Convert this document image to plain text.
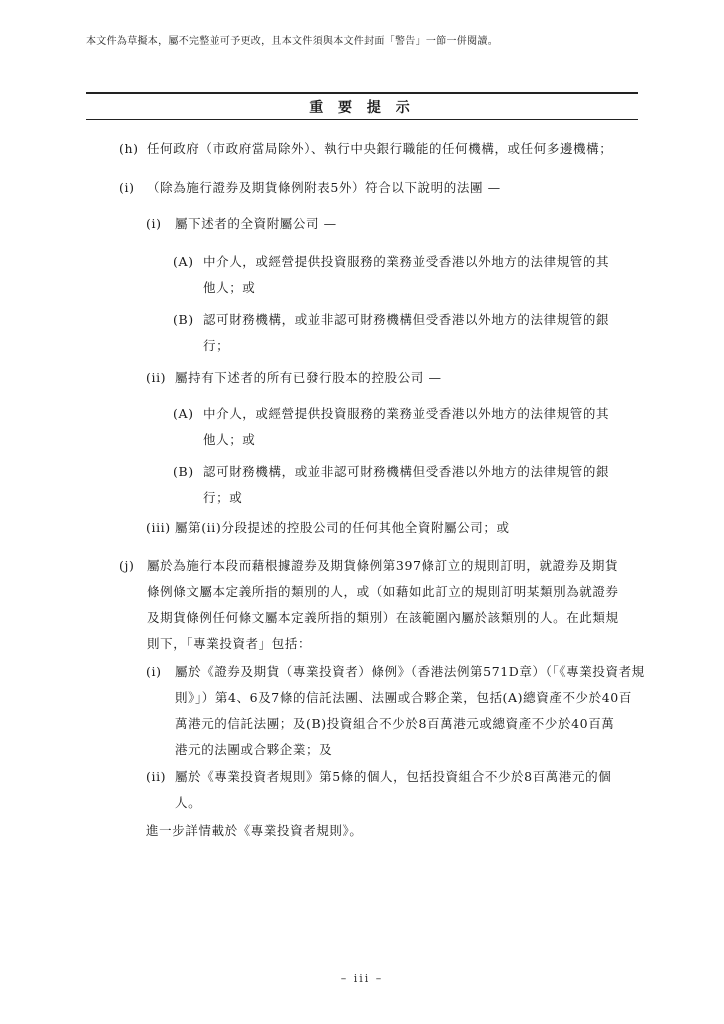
本文件為草擬本，屬不完整並可予更改，且本文件須與本文件封面「警告」一節一併閱讀。
重 要 提 示
(h) 任何政府（市政府當局除外）、執行中央銀行職能的任何機構，或任何多邊機構；

(i) （除為施行證券及期貨條例附表5外）符合以下說明的法團 —

(i) 屬下述者的全資附屬公司 —

(A) 中介人，或經營提供投資服務的業務並受香港以外地方的法律規管的其

他人；或

(B) 認可財務機構，或並非認可財務機構但受香港以外地方的法律規管的銀

行；

(ii) 屬持有下述者的所有已發行股本的控股公司 —

(A) 中介人，或經營提供投資服務的業務並受香港以外地方的法律規管的其

他人；或

(B) 認可財務機構，或並非認可財務機構但受香港以外地方的法律規管的銀

行；或

(iii) 屬第(ii)分段提述的控股公司的任何其他全資附屬公司；或

(j) 屬於為施行本段而藉根據證券及期貨條例第397條訂立的規則訂明，就證券及期貨

條例條文屬本定義所指的類別的人，或（如藉如此訂立的規則訂明某類別為就證券

及期貨條例任何條文屬本定義所指的類別）在該範圍內屬於該類別的人。在此類規

則下，「專業投資者」包括：

(i) 屬於《證券及期貨（專業投資者）條例》（香港法例第571D章）（「《專業投資者規

則》」）第4、6及7條的信託法團、法團或合夥企業，包括(A)總資產不少於40百

萬港元的信託法團；及(B)投資組合不少於8百萬港元或總資產不少於40百萬

港元的法團或合夥企業；及

(ii) 屬於《專業投資者規則》第5條的個人，包括投資組合不少於8百萬港元的個

人。

進一步詳情載於《專業投資者規則》。

– iii –
